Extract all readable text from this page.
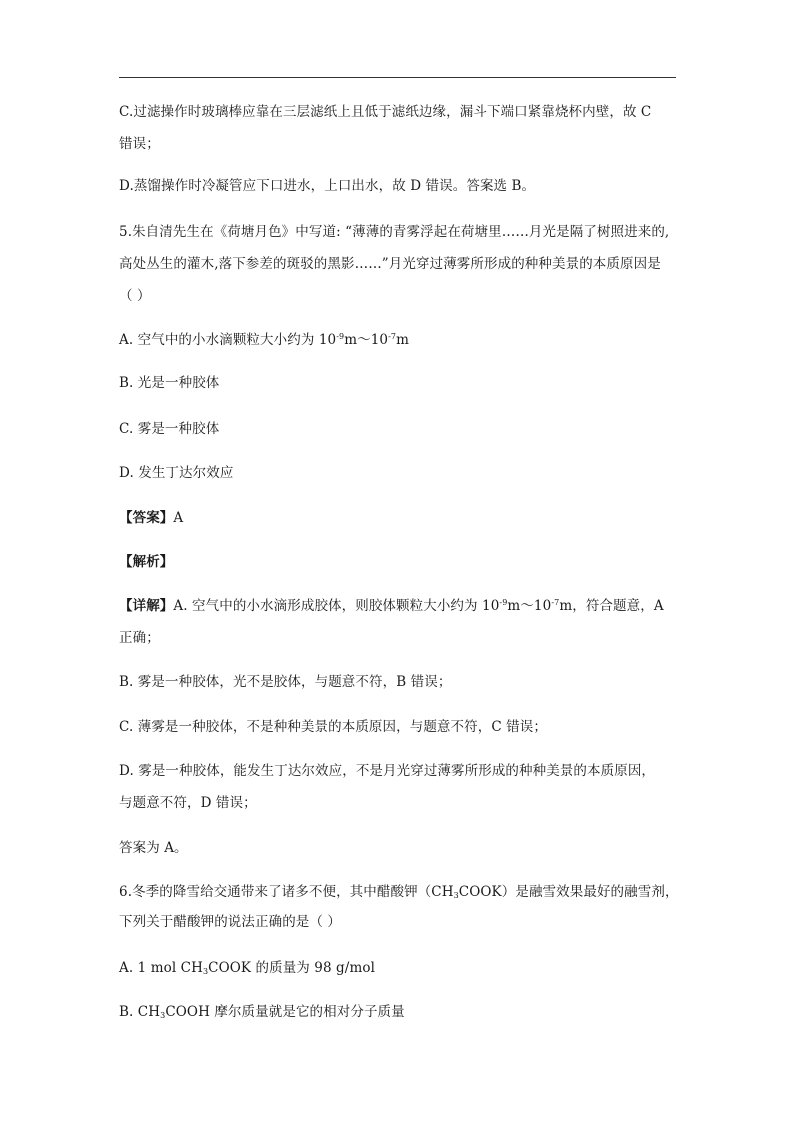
C.过滤操作时玻璃棒应靠在三层滤纸上且低于滤纸边缘，漏斗下端口紧靠烧杯内壁，故 C
错误；
D.蒸馏操作时冷凝管应下口进水，上口出水，故 D 错误。答案选 B。
5.朱自清先生在《荷塘月色》中写道: “薄薄的青雾浮起在荷塘里……月光是隔了树照进来的,
高处丛生的灌木,落下参差的斑驳的黑影……”月光穿过薄雾所形成的种种美景的本质原因是
（ ）
A. 空气中的小水滴颗粒大小约为 $10^{-9}m\sim 10^{-7}m$
B. 光是一种胶体
C. 雾是一种胶体
D. 发生丁达尔效应
【答案】A
【解析】
【详解】A. 空气中的小水滴形成胶体，则胶体颗粒大小约为 $10^{-9}m\sim 10^{-7}m$，符合题意，A
正确；
B. 雾是一种胶体，光不是胶体，与题意不符，B 错误；
C. 薄雾是一种胶体，不是种种美景的本质原因，与题意不符，C 错误；
D. 雾是一种胶体，能发生丁达尔效应，不是月光穿过薄雾所形成的种种美景的本质原因，
与题意不符，D 错误；
答案为 A。
6.冬季的降雪给交通带来了诸多不便，其中醋酸钾$(CH_3COOK)$是融雪效果最好的融雪剂，
下列关于醋酸钾的说法正确的是（ ）
A. 1 mol $CH_3COOK$ 的质量为 98 g/mol
B. $CH_3COOH$ 摩尔质量就是它的相对分子质量
